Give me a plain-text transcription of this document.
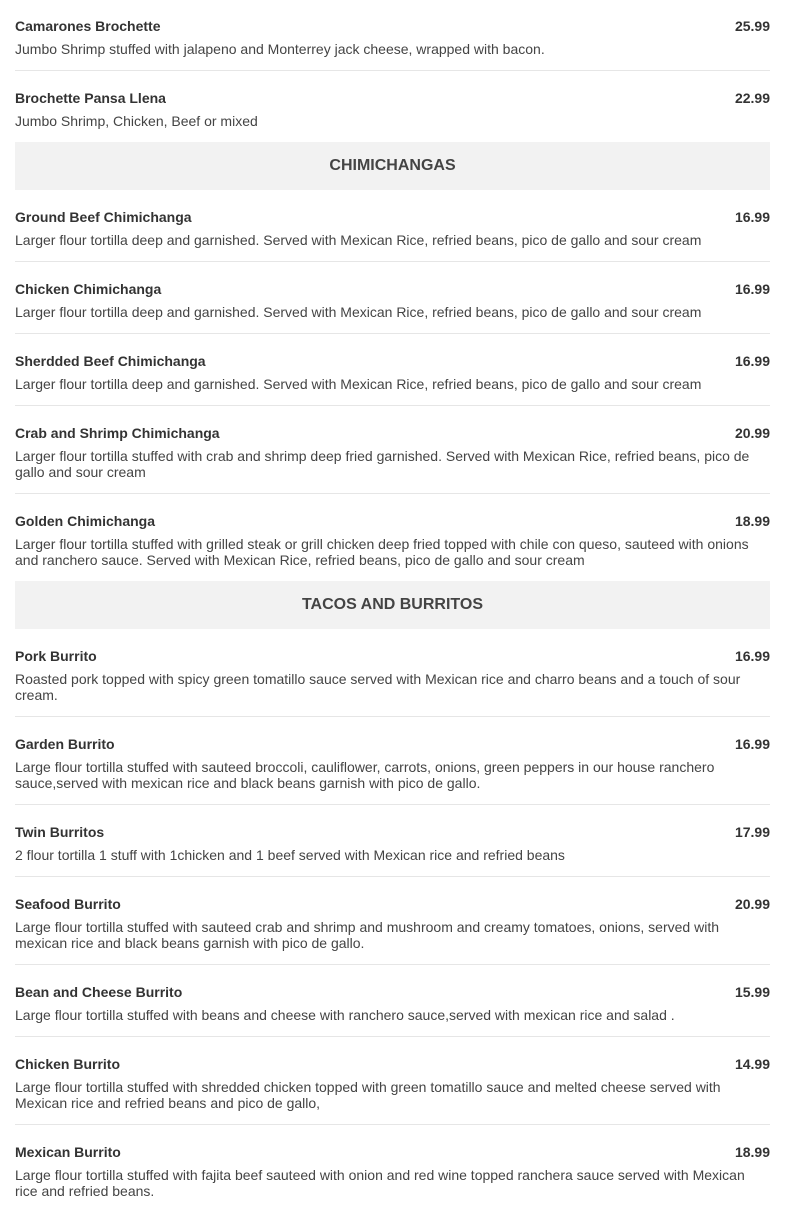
Camarones Brochette	25.99
Jumbo Shrimp stuffed with jalapeno and Monterrey jack cheese, wrapped with bacon.
Brochette Pansa Llena	22.99
Jumbo Shrimp, Chicken, Beef or mixed
CHIMICHANGAS
Ground Beef Chimichanga	16.99
Larger flour tortilla deep and garnished. Served with Mexican Rice, refried beans, pico de gallo and sour cream
Chicken Chimichanga	16.99
Larger flour tortilla deep and garnished. Served with Mexican Rice, refried beans, pico de gallo and sour cream
Sherdded Beef Chimichanga	16.99
Larger flour tortilla deep and garnished. Served with Mexican Rice, refried beans, pico de gallo and sour cream
Crab and Shrimp Chimichanga	20.99
Larger flour tortilla stuffed with crab and shrimp deep fried garnished. Served with Mexican Rice, refried beans, pico de gallo and sour cream
Golden Chimichanga	18.99
Larger flour tortilla stuffed with grilled steak or grill chicken deep fried topped with chile con queso, sauteed with onions and ranchero sauce. Served with Mexican Rice, refried beans, pico de gallo and sour cream
TACOS AND BURRITOS
Pork Burrito	16.99
Roasted pork topped with spicy green tomatillo sauce served with Mexican rice and charro beans and a touch of sour cream.
Garden Burrito	16.99
Large flour tortilla stuffed with sauteed broccoli, cauliflower, carrots, onions, green peppers in our house ranchero sauce,served with mexican rice and black beans garnish with pico de gallo.
Twin Burritos	17.99
2 flour tortilla 1 stuff with 1chicken and 1 beef served with Mexican rice and refried beans
Seafood Burrito	20.99
Large flour tortilla stuffed with sauteed crab and shrimp and mushroom and creamy tomatoes, onions, served with mexican rice and black beans garnish with pico de gallo.
Bean and Cheese Burrito	15.99
Large flour tortilla stuffed with beans and cheese with ranchero sauce,served with mexican rice and salad .
Chicken Burrito	14.99
Large flour tortilla stuffed with shredded chicken topped with green tomatillo sauce and melted cheese served with Mexican rice and refried beans and pico de gallo,
Mexican Burrito	18.99
Large flour tortilla stuffed with fajita beef sauteed with onion and red wine topped ranchera sauce served with Mexican rice and refried beans.
